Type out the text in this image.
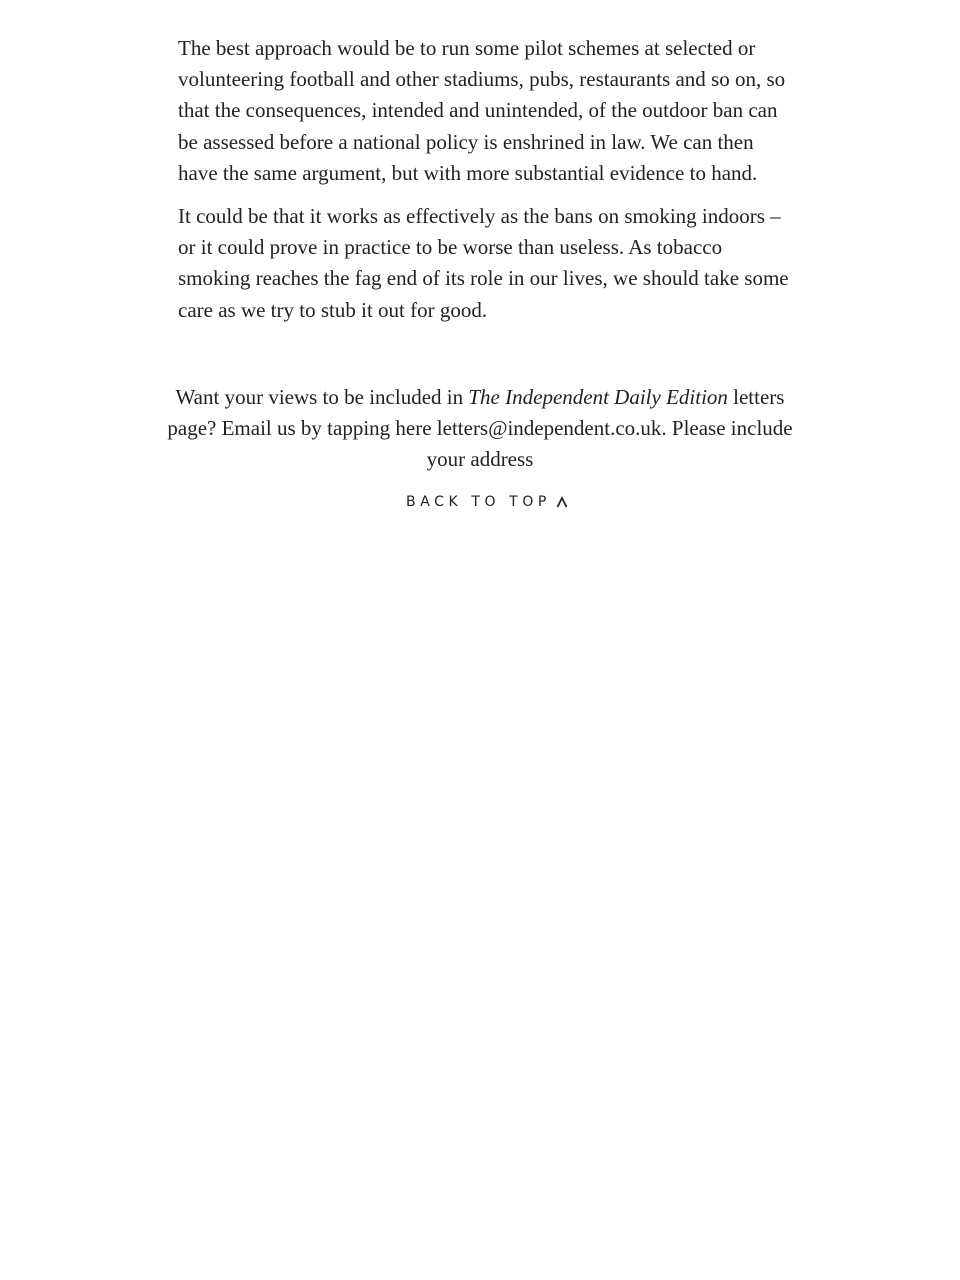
The best approach would be to run some pilot schemes at selected or volunteering football and other stadiums, pubs, restaurants and so on, so that the consequences, intended and unintended, of the outdoor ban can be assessed before a national policy is enshrined in law. We can then have the same argument, but with more substantial evidence to hand.

It could be that it works as effectively as the bans on smoking indoors – or it could prove in practice to be worse than useless. As tobacco smoking reaches the fag end of its role in our lives, we should take some care as we try to stub it out for good.

Want your views to be included in The Independent Daily Edition letters page? Email us by tapping here letters@independent.co.uk. Please include your address
BACK TO TOP
